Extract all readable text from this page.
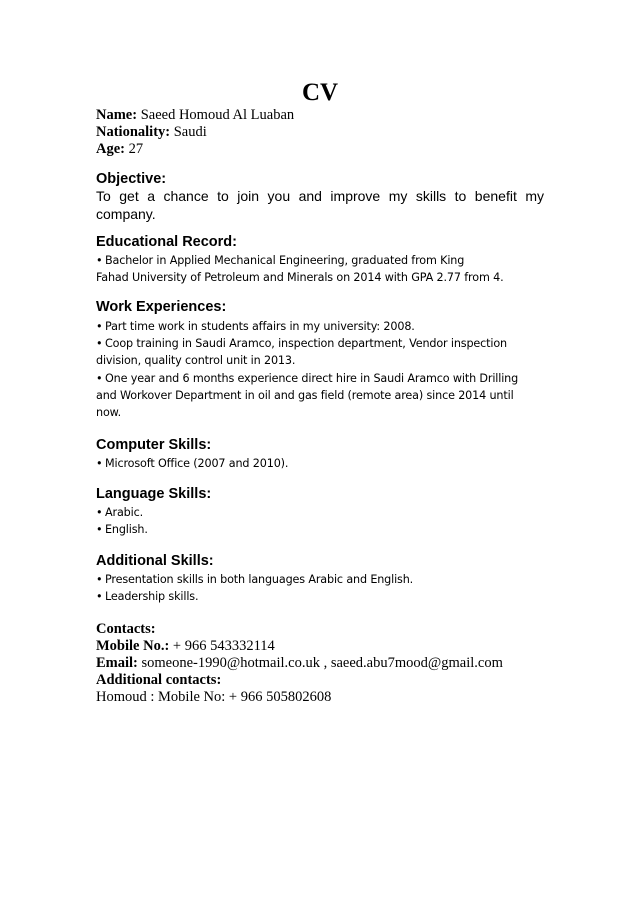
CV
Name: Saeed Homoud Al Luaban
Nationality: Saudi
Age: 27
Objective:
To get a chance to join you and improve my skills to benefit my company.
Educational Record:
• Bachelor in Applied Mechanical Engineering, graduated from King
Fahad University of Petroleum and Minerals on 2014 with GPA 2.77 from 4.
Work Experiences:
• Part time work in students affairs in my university: 2008.
• Coop training in Saudi Aramco, inspection department, Vendor inspection
division, quality control unit in 2013.
• One year and 6 months experience direct hire in Saudi Aramco with Drilling
and Workover Department in oil and gas field (remote area) since 2014 until
now.
Computer Skills:
• Microsoft Office (2007 and 2010).
Language Skills:
• Arabic.
• English.
Additional Skills:
• Presentation skills in both languages Arabic and English.
• Leadership skills.
Contacts:
Mobile No.: + 966 543332114
Email: someone-1990@hotmail.co.uk , saeed.abu7mood@gmail.com
Additional contacts:
Homoud : Mobile No: + 966 505802608
